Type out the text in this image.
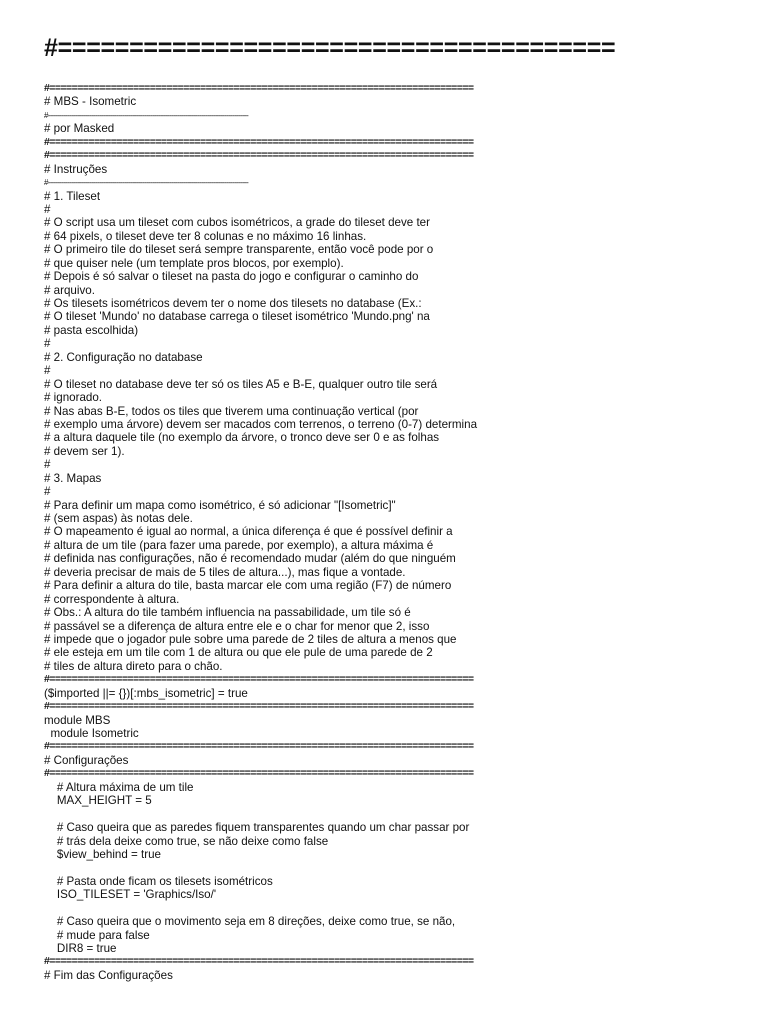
#=======================================
#============================================================================
# MBS - Isometric
#------------------------------------------------------------------------------------------------------
# por Masked
#============================================================================
#============================================================================
# Instruções
#------------------------------------------------------------------------------------------------------
# 1. Tileset
#
# O script usa um tileset com cubos isométricos, a grade do tileset deve ter
# 64 pixels, o tileset deve ter 8 colunas e no máximo 16 linhas.
# O primeiro tile do tileset será sempre transparente, então você pode por o
# que quiser nele (um template pros blocos, por exemplo).
# Depois é só salvar o tileset na pasta do jogo e configurar o caminho do
# arquivo.
# Os tilesets isométricos devem ter o nome dos tilesets no database (Ex.:
# O tileset 'Mundo' no database carrega o tileset isométrico 'Mundo.png' na
# pasta escolhida)
#
# 2. Configuração no database
#
# O tileset no database deve ter só os tiles A5 e B-E, qualquer outro tile será
# ignorado.
# Nas abas B-E, todos os tiles que tiverem uma continuação vertical (por
# exemplo uma árvore) devem ser macados com terrenos, o terreno (0-7) determina
# a altura daquele tile (no exemplo da árvore, o tronco deve ser 0 e as folhas
# devem ser 1).
#
# 3. Mapas
#
# Para definir um mapa como isométrico, é só adicionar "[Isometric]"
# (sem aspas) às notas dele.
# O mapeamento é igual ao normal, a única diferença é que é possível definir a
# altura de um tile (para fazer uma parede, por exemplo), a altura máxima é
# definida nas configurações, não é recomendado mudar (além do que ninguém
# deveria precisar de mais de 5 tiles de altura...), mas fique a vontade.
# Para definir a altura do tile, basta marcar ele com uma região (F7) de número
# correspondente à altura.
# Obs.: A altura do tile também influencia na passabilidade, um tile só é
# passável se a diferença de altura entre ele e o char for menor que 2, isso
# impede que o jogador pule sobre uma parede de 2 tiles de altura a menos que
# ele esteja em um tile com 1 de altura ou que ele pule de uma parede de 2
# tiles de altura direto para o chão.
#============================================================================
($imported ||= {})[:mbs_isometric] = true
#============================================================================
module MBS
module Isometric
#============================================================================
# Configurações
#============================================================================
# Altura máxima de um tile
MAX_HEIGHT = 5
# Caso queira que as paredes fiquem transparentes quando um char passar por
# trás dela deixe como true, se não deixe como false
$view_behind = true
# Pasta onde ficam os tilesets isométricos
ISO_TILESET = 'Graphics/Iso/'
# Caso queira que o movimento seja em 8 direções, deixe como true, se não,
# mude para false
DIR8 = true
#============================================================================
# Fim das Configurações
